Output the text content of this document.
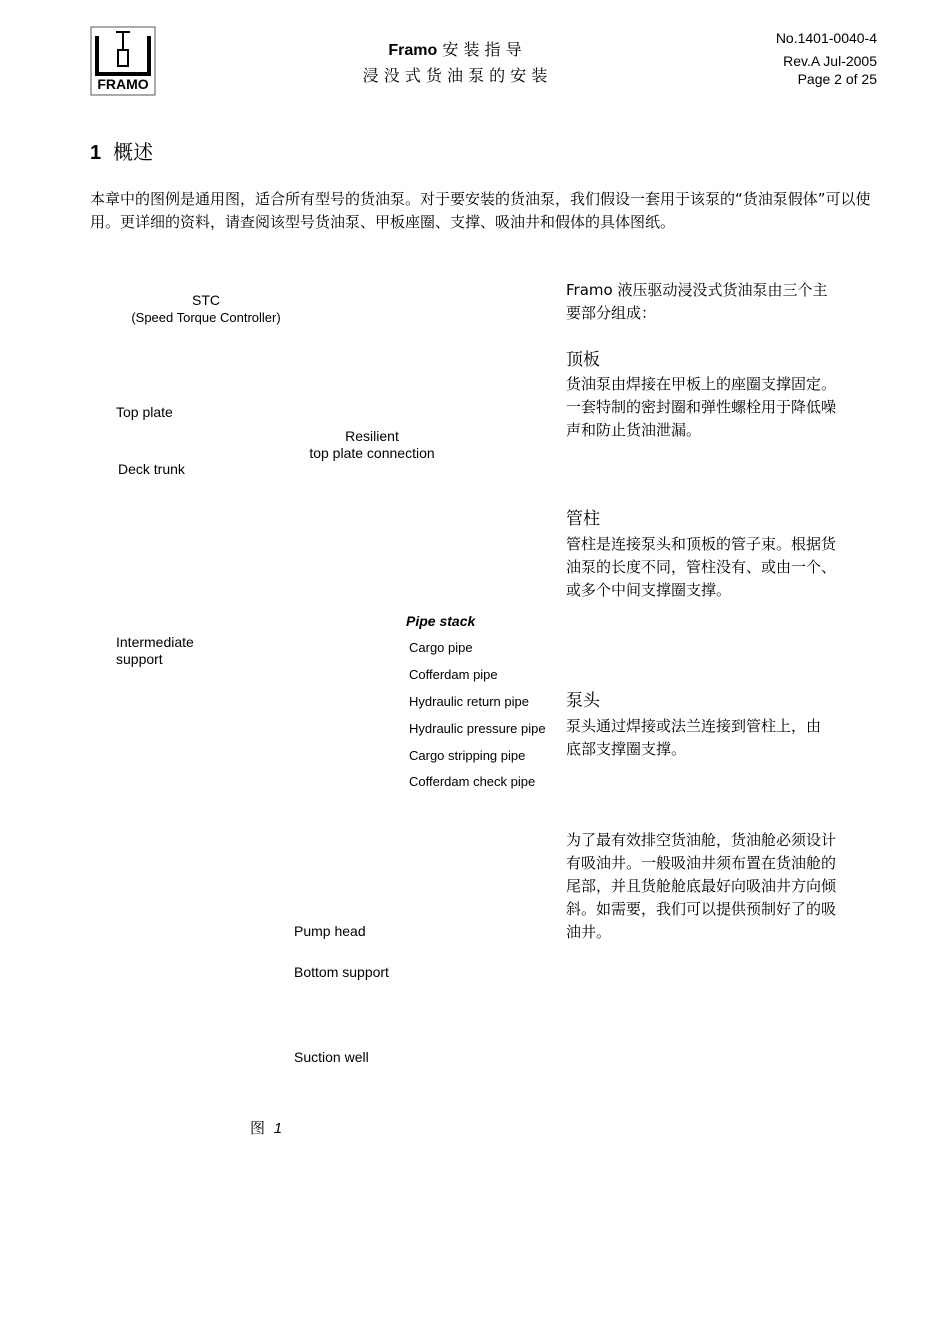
FRAMO
Framo 安 装 指 导
浸 没 式 货 油 泵 的 安 装
No.1401-0040-4
Rev.A Jul-2005
Page 2 of 25
1 概述
本章中的图例是通用图，适合所有型号的货油泵。对于要安装的货油泵，我们假设一套用于该泵的“货油泵假体”可以使用。更详细的资料，请查阅该型号货油泵、甲板座圈、支撑、吸油井和假体的具体图纸。
STC
(Speed Torque Controller)
Top plate
Resilient
top plate connection
Deck trunk
Pipe stack
Intermediate
support
Cargo pipe
Cofferdam pipe
Hydraulic return pipe
Hydraulic pressure pipe
Cargo stripping pipe
Cofferdam check pipe
Pump head
Bottom support
Suction well
图 1
Framo 液压驱动浸没式货油泵由三个主要部分组成：
顶板
货油泵由焊接在甲板上的座圈支撑固定。一套特制的密封圈和弹性螺栓用于降低噪声和防止货油泄漏。
管柱
管柱是连接泵头和顶板的管子束。根据货油泵的长度不同，管柱没有、或由一个、或多个中间支撑圈支撑。
泵头
泵头通过焊接或法兰连接到管柱上，由底部支撑圈支撑。
为了最有效排空货油舱，货油舱必须设计有吸油井。一般吸油井须布置在货油舱的尾部，并且货舱舱底最好向吸油井方向倾斜。如需要，我们可以提供预制好了的吸油井。
